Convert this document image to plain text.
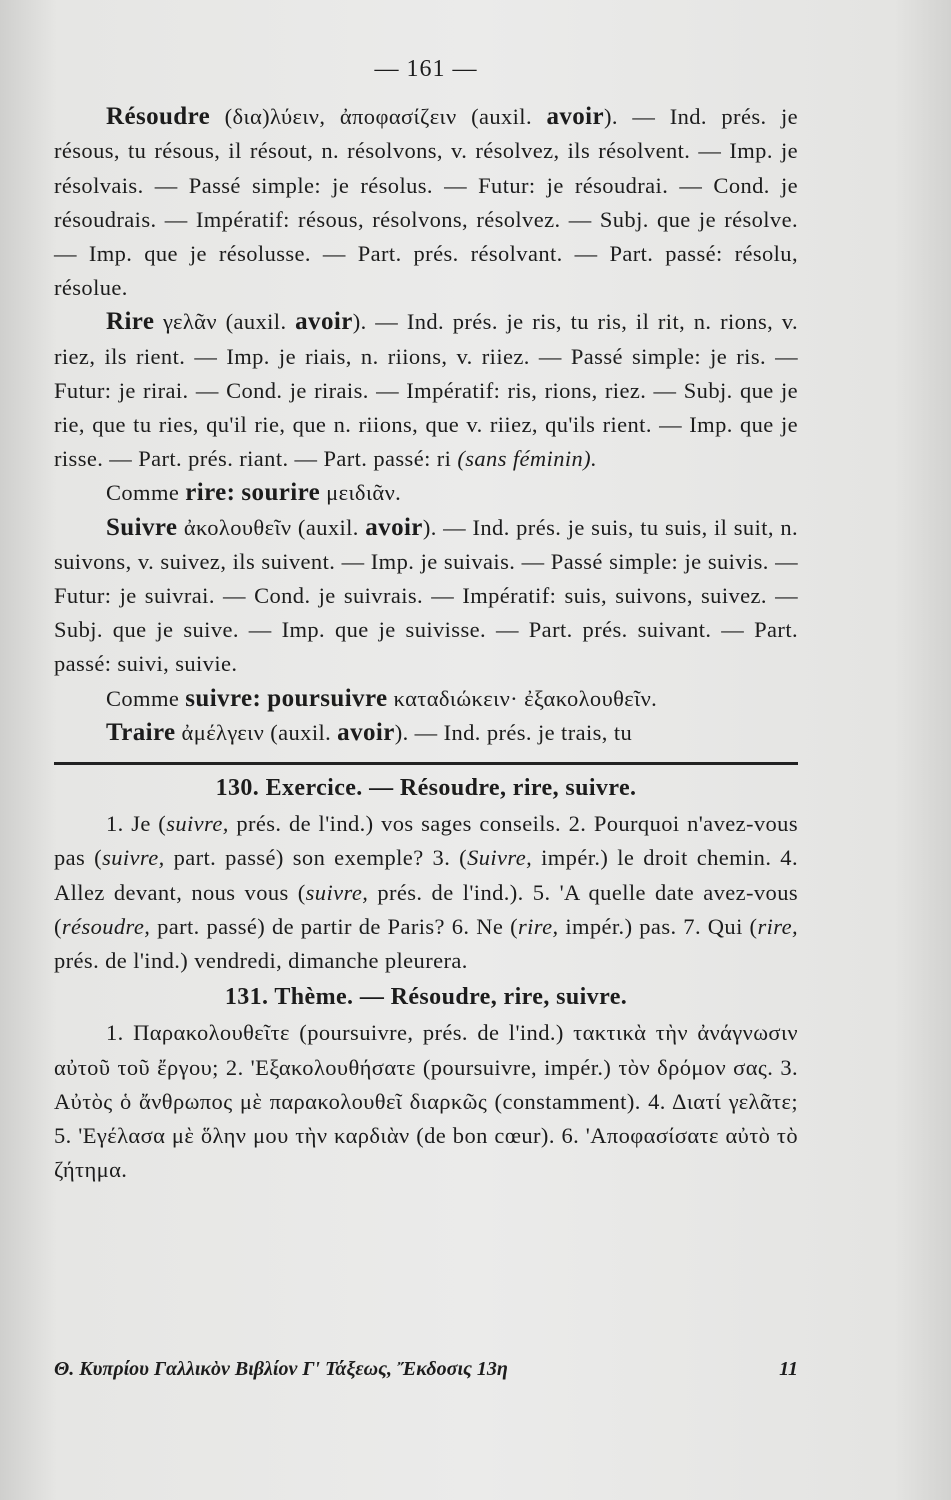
— 161 —

Résoudre (δια)λύειν, ἀποφασίζειν (auxil. avoir). — Ind. prés. je résous, tu résous, il résout, n. résolvons, v. résolvez, ils résolvent. — Imp. je résolvais. — Passé simple: je résolus. — Futur: je résoudrai. — Cond. je résoudrais. — Impératif: résous, résolvons, résolvez. — Subj. que je résolve. — Imp. que je résolusse. — Part. prés. résolvant. — Part. passé: résolu, résolue.

Rire γελᾶν (auxil. avoir). — Ind. prés. je ris, tu ris, il rit, n. rions, v. riez, ils rient. — Imp. je riais, n. riions, v. riiez. — Passé simple: je ris. — Futur: je rirai. — Cond. je rirais. — Impératif: ris, rions, riez. — Subj. que je rie, que tu ries, qu'il rie, que n. riions, que v. riiez, qu'ils rient. — Imp. que je risse. — Part. prés. riant. — Part. passé: ri (sans féminin).

Comme rire: sourire μειδιᾶν.

Suivre ἀκολουθεῖν (auxil. avoir). — Ind. prés. je suis, tu suis, il suit, n. suivons, v. suivez, ils suivent. — Imp. je suivais. — Passé simple: je suivis. — Futur: je suivrai. — Cond. je suivrais. — Impératif: suis, suivons, suivez. — Subj. que je suive. — Imp. que je suivisse. — Part. prés. suivant. — Part. passé: suivi, suivie.

Comme suivre: poursuivre καταδιώκειν· ἐξακολουθεῖν.

Traire ἀμέλγειν (auxil. avoir). — Ind. prés. je trais, tu

130. Exercice. — Résoudre, rire, suivre.

1. Je (suivre, prés. de l'ind.) vos sages conseils. 2. Pourquoi n'avez-vous pas (suivre, part. passé) son exemple? 3. (Suivre, impér.) le droit chemin. 4. Allez devant, nous vous (suivre, prés. de l'ind.). 5. 'A quelle date avez-vous (résoudre, part. passé) de partir de Paris? 6. Ne (rire, impér.) pas. 7. Qui (rire, prés. de l'ind.) vendredi, dimanche pleurera.

131. Thème. — Résoudre, rire, suivre.

1. Παρακολουθεῖτε (poursuivre, prés. de l'ind.) τακτικὰ τὴν ἀνάγνωσιν αὐτοῦ τοῦ ἔργου; 2. 'Εξακολουθήσατε (poursuivre, impér.) τὸν δρόμον σας. 3. Αὐτὸς ὁ ἄνθρωπος μὲ παρακολουθεῖ διαρκῶς (constamment). 4. Διατί γελᾶτε; 5. 'Εγέλασα μὲ ὅλην μου τὴν καρδιὰν (de bon cœur). 6. 'Αποφασίσατε αὐτὸ τὸ ζήτημα.

Θ. Κυπρίου Γαλλικὸν Βιβλίον Γ' Τάξεως, Ἔκδοσις 13η	11
